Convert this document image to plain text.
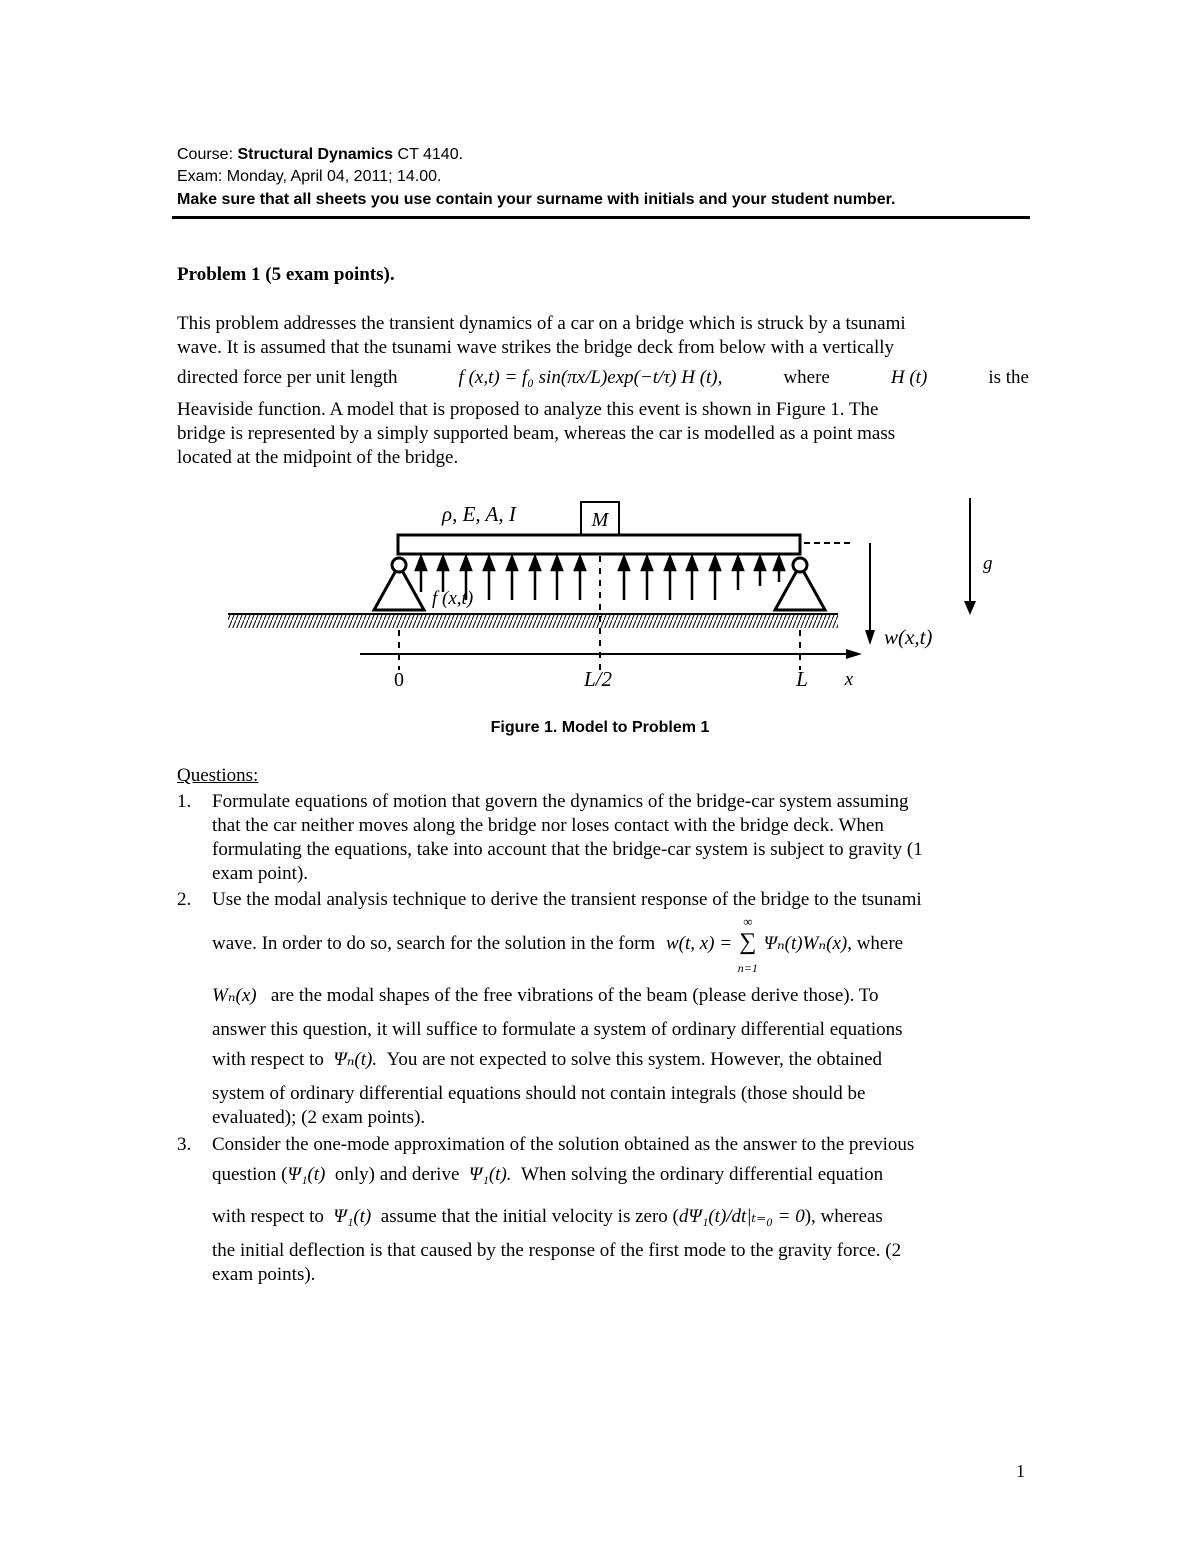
Course: Structural Dynamics CT 4140.
Exam: Monday, April 04, 2011; 14.00.
Make sure that all sheets you use contain your surname with initials and your student number.
Problem 1 (5 exam points).
This problem addresses the transient dynamics of a car on a bridge which is struck by a tsunami
wave. It is assumed that the tsunami wave strikes the bridge deck from below with a vertically
directed force per unit length	f (x,t) = f₀ sin(πx/L)exp(−t/τ) H (t),	where	H (t)	is the
Heaviside function. A model that is proposed to analyze this event is shown in Figure 1. The
bridge is represented by a simply supported beam, whereas the car is modelled as a point mass
located at the midpoint of the bridge.
M
ρ, E, A, I
f (x,t)
0	L/2	L x
w(x,t)
g
Figure 1. Model to Problem 1
Questions:
1. Formulate equations of motion that govern the dynamics of the bridge-car system assuming
that the car neither moves along the bridge nor loses contact with the bridge deck. When
formulating the equations, take into account that the bridge-car system is subject to gravity (1
exam point).
2. Use the modal analysis technique to derive the transient response of the bridge to the tsunami
wave. In order to do so, search for the solution in the form w(t, x) = ∑
∞
n=1
Ψₙ(t)Wₙ(x), where
Wₙ(x) are the modal shapes of the free vibrations of the beam (please derive those). To
answer this question, it will suffice to formulate a system of ordinary differential equations
with respect to Ψₙ(t). You are not expected to solve this system. However, the obtained
system of ordinary differential equations should not contain integrals (those should be
evaluated); (2 exam points).
3. Consider the one-mode approximation of the solution obtained as the answer to the previous
question (Ψ₁(t) only) and derive Ψ₁(t). When solving the ordinary differential equation
with respect to Ψ₁(t) assume that the initial velocity is zero (dΨ₁(t)/dt|ₜ₌₀ = 0), whereas
the initial deflection is that caused by the response of the first mode to the gravity force. (2
exam points).
1
